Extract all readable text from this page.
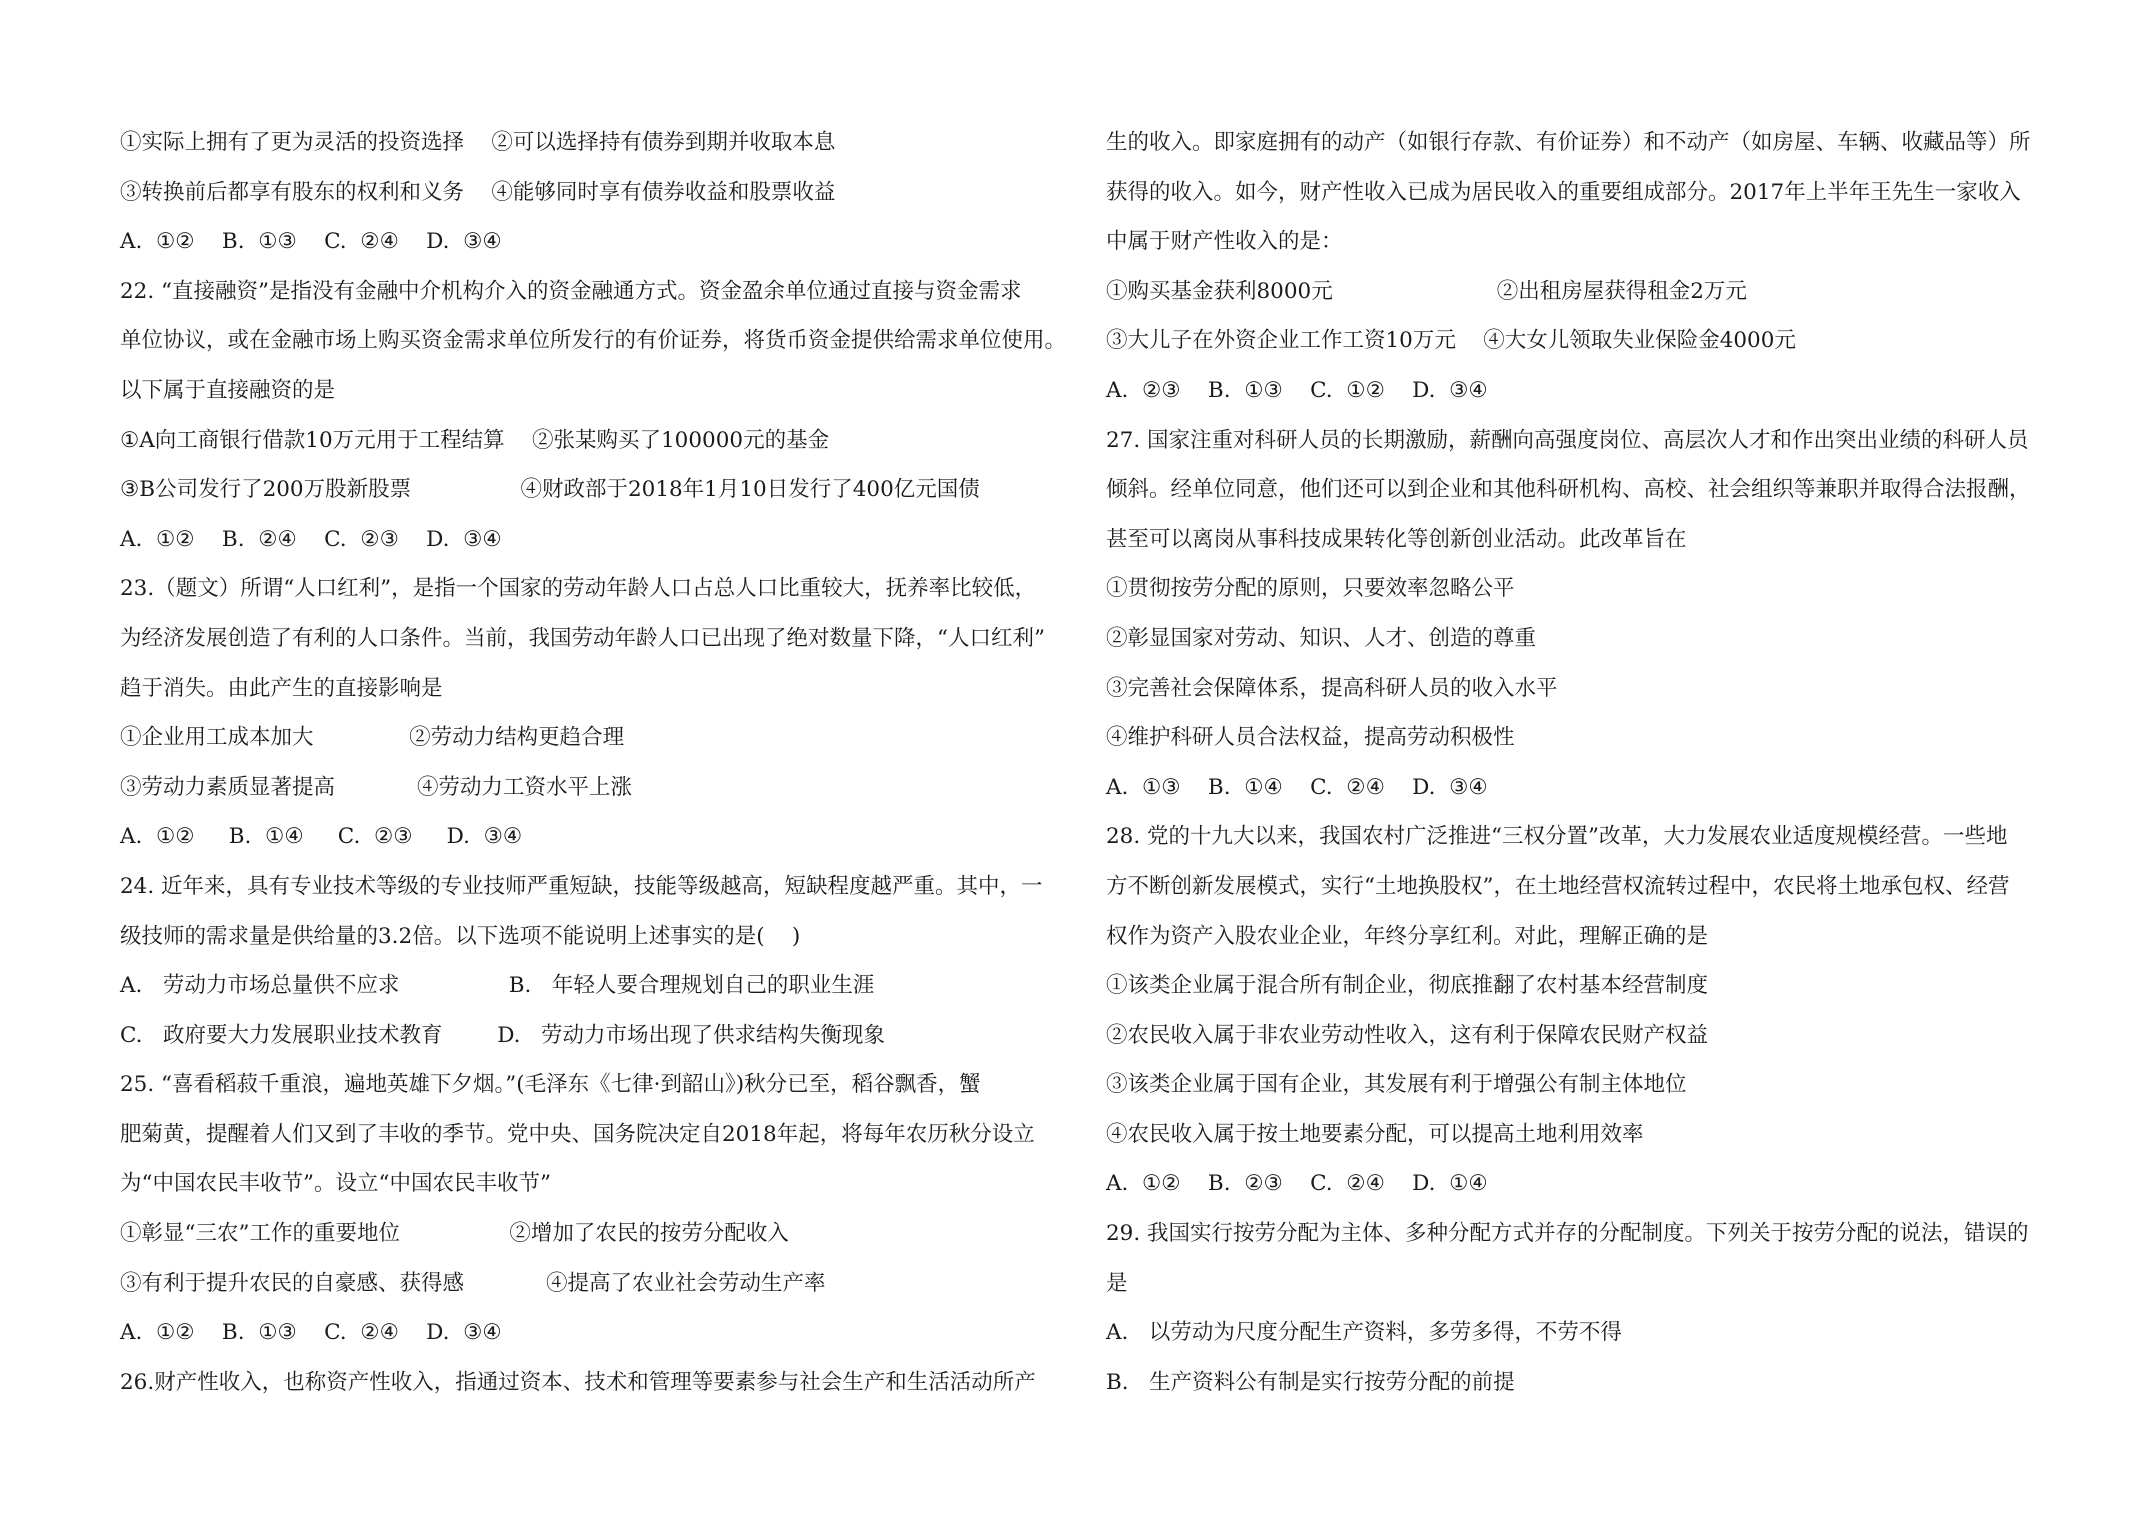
①实际上拥有了更为灵活的投资选择    ②可以选择持有债券到期并收取本息
③转换前后都享有股东的权利和义务    ④能够同时享有债券收益和股票收益
A.  ①②    B.  ①③    C.  ②④    D.  ③④
22. “直接融资”是指没有金融中介机构介入的资金融通方式。资金盈余单位通过直接与资金需求
单位协议，或在金融市场上购买资金需求单位所发行的有价证券，将货币资金提供给需求单位使用。
以下属于直接融资的是
①A向工商银行借款10万元用于工程结算    ②张某购买了100000元的基金
③B公司发行了200万股新股票                ④财政部于2018年1月10日发行了400亿元国债
A.  ①②    B.  ②④    C.  ②③    D.  ③④
23.（题文）所谓“人口红利”，是指一个国家的劳动年龄人口占总人口比重较大，抚养率比较低，
为经济发展创造了有利的人口条件。当前，我国劳动年龄人口已出现了绝对数量下降，“人口红利”
趋于消失。由此产生的直接影响是
①企业用工成本加大              ②劳动力结构更趋合理
③劳动力素质显著提高            ④劳动力工资水平上涨
A.  ①②     B.  ①④     C.  ②③     D.  ③④
24. 近年来，具有专业技术等级的专业技师严重短缺，技能等级越高，短缺程度越严重。其中，一
级技师的需求量是供给量的3.2倍。以下选项不能说明上述事实的是(    )
A.   劳动力市场总量供不应求                B.   年轻人要合理规划自己的职业生涯
C.   政府要大力发展职业技术教育        D.   劳动力市场出现了供求结构失衡现象
25. “喜看稻菽千重浪，遍地英雄下夕烟。”(毛泽东《七律·到韶山》)秋分已至，稻谷飘香，蟹
肥菊黄，提醒着人们又到了丰收的季节。党中央、国务院决定自2018年起，将每年农历秋分设立
为“中国农民丰收节”。设立“中国农民丰收节”
①彰显“三农”工作的重要地位                ②增加了农民的按劳分配收入
③有利于提升农民的自豪感、获得感            ④提高了农业社会劳动生产率
A.  ①②    B.  ①③    C.  ②④    D.  ③④
26.财产性收入，也称资产性收入，指通过资本、技术和管理等要素参与社会生产和生活活动所产
生的收入。即家庭拥有的动产（如银行存款、有价证券）和不动产（如房屋、车辆、收藏品等）所
获得的收入。如今，财产性收入已成为居民收入的重要组成部分。2017年上半年王先生一家收入
中属于财产性收入的是：
①购买基金获利8000元                        ②出租房屋获得租金2万元
③大儿子在外资企业工作工资10万元    ④大女儿领取失业保险金4000元
A.  ②③    B.  ①③    C.  ①②    D.  ③④
27. 国家注重对科研人员的长期激励，薪酬向高强度岗位、高层次人才和作出突出业绩的科研人员
倾斜。经单位同意，他们还可以到企业和其他科研机构、高校、社会组织等兼职并取得合法报酬，
甚至可以离岗从事科技成果转化等创新创业活动。此改革旨在
①贯彻按劳分配的原则，只要效率忽略公平
②彰显国家对劳动、知识、人才、创造的尊重
③完善社会保障体系，提高科研人员的收入水平
④维护科研人员合法权益，提高劳动积极性
A.  ①③    B.  ①④    C.  ②④    D.  ③④
28. 党的十九大以来，我国农村广泛推进“三权分置”改革，大力发展农业适度规模经营。一些地
方不断创新发展模式，实行“土地换股权”，在土地经营权流转过程中，农民将土地承包权、经营
权作为资产入股农业企业，年终分享红利。对此，理解正确的是
①该类企业属于混合所有制企业，彻底推翻了农村基本经营制度
②农民收入属于非农业劳动性收入，这有利于保障农民财产权益
③该类企业属于国有企业，其发展有利于增强公有制主体地位
④农民收入属于按土地要素分配，可以提高土地利用效率
A.  ①②    B.  ②③    C.  ②④    D.  ①④
29. 我国实行按劳分配为主体、多种分配方式并存的分配制度。下列关于按劳分配的说法，错误的
是
A.   以劳动为尺度分配生产资料，多劳多得，不劳不得
B.   生产资料公有制是实行按劳分配的前提
